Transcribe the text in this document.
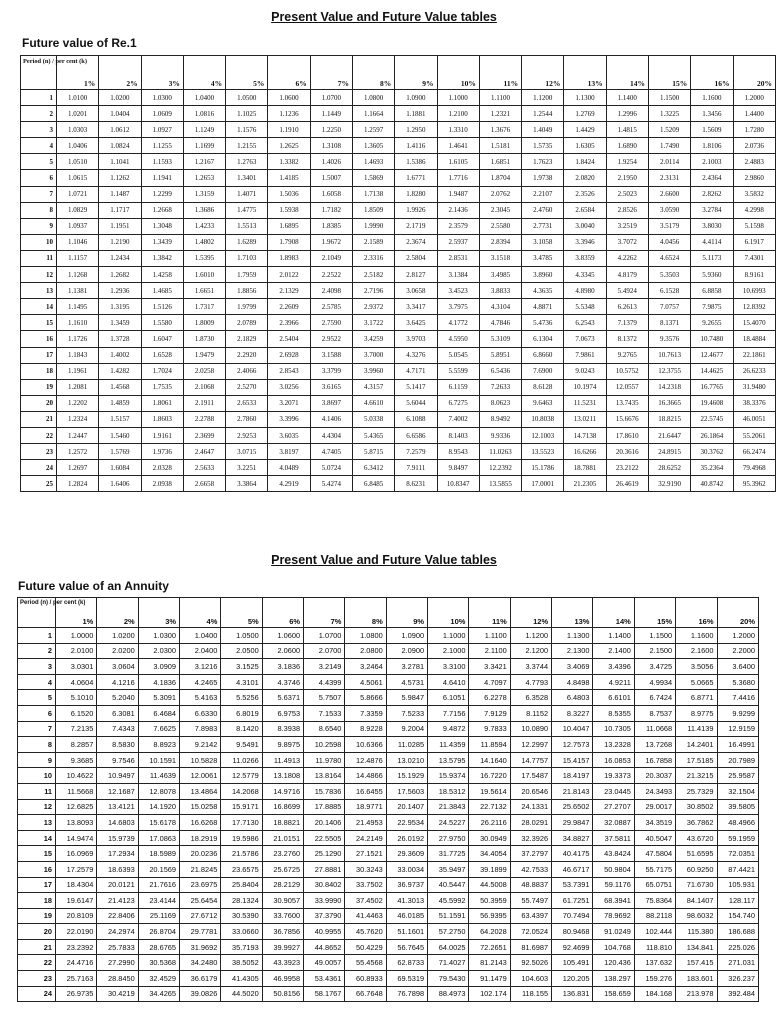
Present Value and Future Value tables
Future value of Re.1
Period (n) / per cent (k)	1%	2%	3%	4%	5%	6%	7%	8%	9%	10%	11%	12%	13%	14%	15%	16%	20%
1	1.0100	1.0200	1.0300	1.0400	1.0500	1.0600	1.0700	1.0800	1.0900	1.1000	1.1100	1.1200	1.1300	1.1400	1.1500	1.1600	1.2000
2	1.0201	1.0404	1.0609	1.0816	1.1025	1.1236	1.1449	1.1664	1.1881	1.2100	1.2321	1.2544	1.2769	1.2996	1.3225	1.3456	1.4400
3	1.0303	1.0612	1.0927	1.1249	1.1576	1.1910	1.2250	1.2597	1.2950	1.3310	1.3676	1.4049	1.4429	1.4815	1.5209	1.5609	1.7280
4	1.0406	1.0824	1.1255	1.1699	1.2155	1.2625	1.3108	1.3605	1.4116	1.4641	1.5181	1.5735	1.6305	1.6890	1.7490	1.8106	2.0736
5	1.0510	1.1041	1.1593	1.2167	1.2763	1.3382	1.4026	1.4693	1.5386	1.6105	1.6851	1.7623	1.8424	1.9254	2.0114	2.1003	2.4883
6	1.0615	1.1262	1.1941	1.2653	1.3401	1.4185	1.5007	1.5869	1.6771	1.7716	1.8704	1.9738	2.0820	2.1950	2.3131	2.4364	2.9860
7	1.0721	1.1487	1.2299	1.3159	1.4071	1.5036	1.6058	1.7138	1.8280	1.9487	2.0762	2.2107	2.3526	2.5023	2.6600	2.8262	3.5832
8	1.0829	1.1717	1.2668	1.3686	1.4775	1.5938	1.7182	1.8509	1.9926	2.1436	2.3045	2.4760	2.6584	2.8526	3.0590	3.2784	4.2998
9	1.0937	1.1951	1.3048	1.4233	1.5513	1.6895	1.8385	1.9990	2.1719	2.3579	2.5580	2.7731	3.0040	3.2519	3.5179	3.8030	5.1598
10	1.1046	1.2190	1.3439	1.4802	1.6289	1.7908	1.9672	2.1589	2.3674	2.5937	2.8394	3.1058	3.3946	3.7072	4.0456	4.4114	6.1917
11	1.1157	1.2434	1.3842	1.5395	1.7103	1.8983	2.1049	2.3316	2.5804	2.8531	3.1518	3.4785	3.8359	4.2262	4.6524	5.1173	7.4301
12	1.1268	1.2682	1.4258	1.6010	1.7959	2.0122	2.2522	2.5182	2.8127	3.1384	3.4985	3.8960	4.3345	4.8179	5.3503	5.9360	8.9161
13	1.1381	1.2936	1.4685	1.6651	1.8856	2.1329	2.4098	2.7196	3.0658	3.4523	3.8833	4.3635	4.8980	5.4924	6.1528	6.8858	10.6993
14	1.1495	1.3195	1.5126	1.7317	1.9799	2.2609	2.5785	2.9372	3.3417	3.7975	4.3104	4.8871	5.5348	6.2613	7.0757	7.9875	12.8392
15	1.1610	1.3459	1.5580	1.8009	2.0789	2.3966	2.7590	3.1722	3.6425	4.1772	4.7846	5.4736	6.2543	7.1379	8.1371	9.2655	15.4070
16	1.1726	1.3728	1.6047	1.8730	2.1829	2.5404	2.9522	3.4259	3.9703	4.5950	5.3109	6.1304	7.0673	8.1372	9.3576	10.7480	18.4884
17	1.1843	1.4002	1.6528	1.9479	2.2920	2.6928	3.1588	3.7000	4.3276	5.0545	5.8951	6.8660	7.9861	9.2765	10.7613	12.4677	22.1861
18	1.1961	1.4282	1.7024	2.0258	2.4066	2.8543	3.3799	3.9960	4.7171	5.5599	6.5436	7.6900	9.0243	10.5752	12.3755	14.4625	26.6233
19	1.2081	1.4568	1.7535	2.1068	2.5270	3.0256	3.6165	4.3157	5.1417	6.1159	7.2633	8.6128	10.1974	12.0557	14.2318	16.7765	31.9480
20	1.2202	1.4859	1.8061	2.1911	2.6533	3.2071	3.8697	4.6610	5.6044	6.7275	8.0623	9.6463	11.5231	13.7435	16.3665	19.4608	38.3376
21	1.2324	1.5157	1.8603	2.2788	2.7860	3.3996	4.1406	5.0338	6.1088	7.4002	8.9492	10.8038	13.0211	15.6676	18.8215	22.5745	46.0051
22	1.2447	1.5460	1.9161	2.3699	2.9253	3.6035	4.4304	5.4365	6.6586	8.1403	9.9336	12.1003	14.7138	17.8610	21.6447	26.1864	55.2061
23	1.2572	1.5769	1.9736	2.4647	3.0715	3.8197	4.7405	5.8715	7.2579	8.9543	11.0263	13.5523	16.6266	20.3616	24.8915	30.3762	66.2474
24	1.2697	1.6084	2.0328	2.5633	3.2251	4.0489	5.0724	6.3412	7.9111	9.8497	12.2392	15.1786	18.7881	23.2122	28.6252	35.2364	79.4968
25	1.2824	1.6406	2.0938	2.6658	3.3864	4.2919	5.4274	6.8485	8.6231	10.8347	13.5855	17.0001	21.2305	26.4619	32.9190	40.8742	95.3962
Present Value and Future Value tables
Future value of an Annuity
Period (n) / per cent (k)	1%	2%	3%	4%	5%	6%	7%	8%	9%	10%	11%	12%	13%	14%	15%	16%	20%
1	1.0000	1.0200	1.0300	1.0400	1.0500	1.0600	1.0700	1.0800	1.0900	1.1000	1.1100	1.1200	1.1300	1.1400	1.1500	1.1600	1.2000
2	2.0100	2.0200	2.0300	2.0400	2.0500	2.0600	2.0700	2.0800	2.0900	2.1000	2.1100	2.1200	2.1300	2.1400	2.1500	2.1600	2.2000
3	3.0301	3.0604	3.0909	3.1216	3.1525	3.1836	3.2149	3.2464	3.2781	3.3100	3.3421	3.3744	3.4069	3.4396	3.4725	3.5056	3.6400
4	4.0604	4.1216	4.1836	4.2465	4.3101	4.3746	4.4399	4.5061	4.5731	4.6410	4.7097	4.7793	4.8498	4.9211	4.9934	5.0665	5.3680
5	5.1010	5.2040	5.3091	5.4163	5.5256	5.6371	5.7507	5.8666	5.9847	6.1051	6.2278	6.3528	6.4803	6.6101	6.7424	6.8771	7.4416
6	6.1520	6.3081	6.4684	6.6330	6.8019	6.9753	7.1533	7.3359	7.5233	7.7156	7.9129	8.1152	8.3227	8.5355	8.7537	8.9775	9.9299
7	7.2135	7.4343	7.6625	7.8983	8.1420	8.3938	8.6540	8.9228	9.2004	9.4872	9.7833	10.0890	10.4047	10.7305	11.0668	11.4139	12.9159
8	8.2857	8.5830	8.8923	9.2142	9.5491	9.8975	10.2598	10.6366	11.0285	11.4359	11.8594	12.2997	12.7573	13.2328	13.7268	14.2401	16.4991
9	9.3685	9.7546	10.1591	10.5828	11.0266	11.4913	11.9780	12.4876	13.0210	13.5795	14.1640	14.7757	15.4157	16.0853	16.7858	17.5185	20.7989
10	10.4622	10.9497	11.4639	12.0061	12.5779	13.1808	13.8164	14.4866	15.1929	15.9374	16.7220	17.5487	18.4197	19.3373	20.3037	21.3215	25.9587
11	11.5668	12.1687	12.8078	13.4864	14.2068	14.9716	15.7836	16.6455	17.5603	18.5312	19.5614	20.6546	21.8143	23.0445	24.3493	25.7329	32.1504
12	12.6825	13.4121	14.1920	15.0258	15.9171	16.8699	17.8885	18.9771	20.1407	21.3843	22.7132	24.1331	25.6502	27.2707	29.0017	30.8502	39.5805
13	13.8093	14.6803	15.6178	16.6268	17.7130	18.8821	20.1406	21.4953	22.9534	24.5227	26.2116	28.0291	29.9847	32.0887	34.3519	36.7862	48.4966
14	14.9474	15.9739	17.0863	18.2919	19.5986	21.0151	22.5505	24.2149	26.0192	27.9750	30.0949	32.3926	34.8827	37.5811	40.5047	43.6720	59.1959
15	16.0969	17.2934	18.5989	20.0236	21.5786	23.2760	25.1290	27.1521	29.3609	31.7725	34.4054	37.2797	40.4175	43.8424	47.5804	51.6595	72.0351
16	17.2579	18.6393	20.1569	21.8245	23.6575	25.6725	27.8881	30.3243	33.0034	35.9497	39.1899	42.7533	46.6717	50.9804	55.7175	60.9250	87.4421
17	18.4304	20.0121	21.7616	23.6975	25.8404	28.2129	30.8402	33.7502	36.9737	40.5447	44.5008	48.8837	53.7391	59.1176	65.0751	71.6730	105.931
18	19.6147	21.4123	23.4144	25.6454	28.1324	30.9057	33.9990	37.4502	41.3013	45.5992	50.3959	55.7497	61.7251	68.3941	75.8364	84.1407	128.117
19	20.8109	22.8406	25.1169	27.6712	30.5390	33.7600	37.3790	41.4463	46.0185	51.1591	56.9395	63.4397	70.7494	78.9692	88.2118	98.6032	154.740
20	22.0190	24.2974	26.8704	29.7781	33.0660	36.7856	40.9955	45.7620	51.1601	57.2750	64.2028	72.0524	80.9468	91.0249	102.444	115.380	186.688
21	23.2392	25.7833	28.6765	31.9692	35.7193	39.9927	44.8652	50.4229	56.7645	64.0025	72.2651	81.6987	92.4699	104.768	118.810	134.841	225.026
22	24.4716	27.2990	30.5368	34.2480	38.5052	43.3923	49.0057	55.4568	62.8733	71.4027	81.2143	92.5026	105.491	120.436	137.632	157.415	271.031
23	25.7163	28.8450	32.4529	36.6179	41.4305	46.9958	53.4361	60.8933	69.5319	79.5430	91.1479	104.603	120.205	138.297	159.276	183.601	326.237
24	26.9735	30.4219	34.4265	39.0826	44.5020	50.8156	58.1767	66.7648	76.7898	88.4973	102.174	118.155	136.831	158.659	184.168	213.978	392.484
